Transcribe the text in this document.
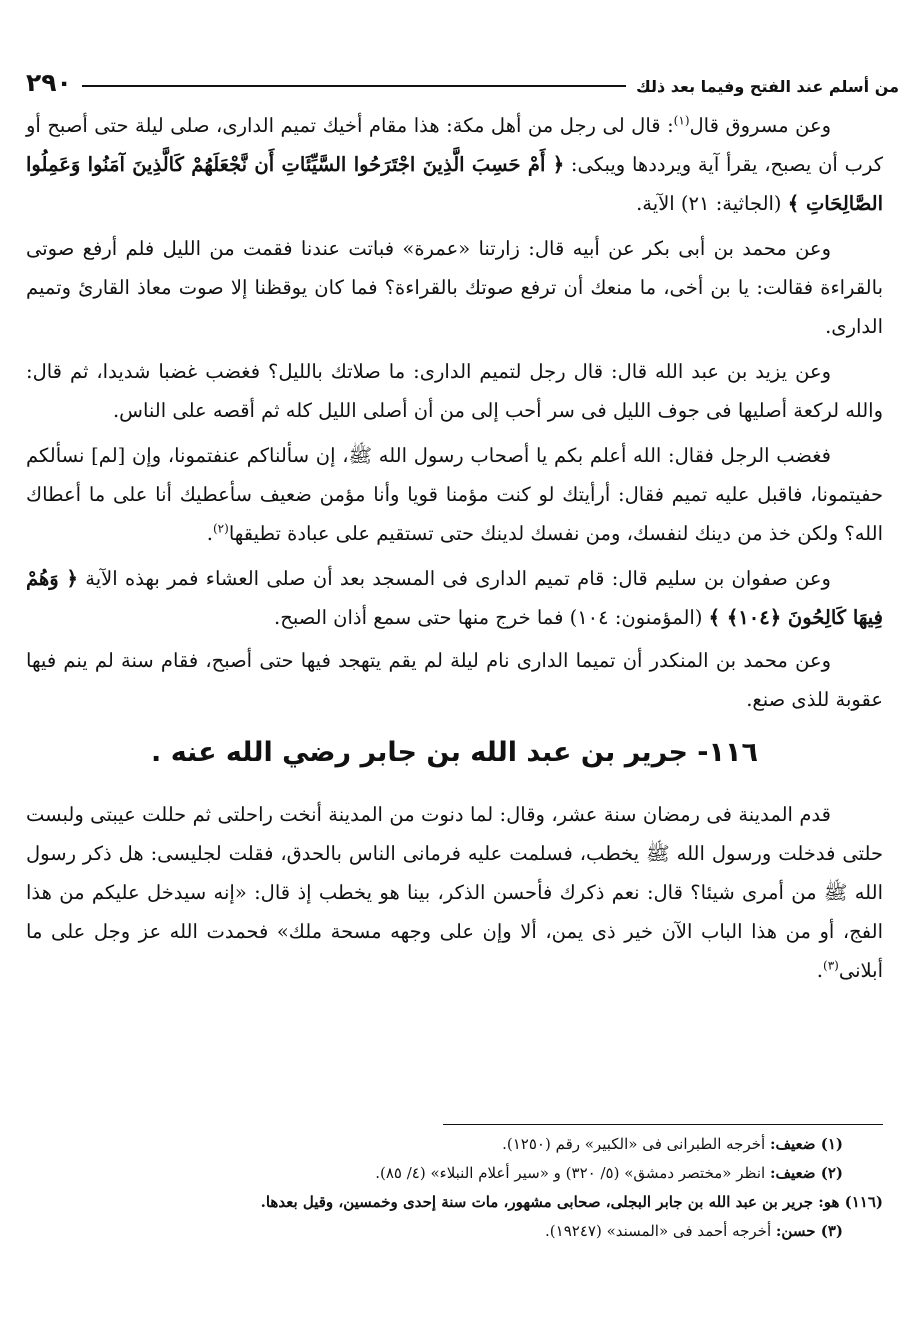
من أسلم عند الفتح وفيما بعد ذلك
٢٩٠

وعن مسروق قال$^{(١)}$: قال لى رجل من أهل مكة: هذا مقام أخيك تميم الدارى، صلى ليلة حتى أصبح أو كرب أن يصبح، يقرأ آية ويرددها ويبكى: ﴿ أَمْ حَسِبَ الَّذِينَ اجْتَرَحُوا السَّيِّئَاتِ أَن نَّجْعَلَهُمْ كَالَّذِينَ آمَنُوا وَعَمِلُوا الصَّالِحَاتِ ﴾ (الجاثية: ٢١) الآية.

وعن محمد بن أبى بكر عن أبيه قال: زارتنا «عمرة» فباتت عندنا فقمت من الليل فلم أرفع صوتى بالقراءة فقالت: يا بن أخى، ما منعك أن ترفع صوتك بالقراءة؟ فما كان يوقظنا إلا صوت معاذ القارئ وتميم الدارى.

وعن يزيد بن عبد الله قال: قال رجل لتميم الدارى: ما صلاتك بالليل؟ فغضب غضبا شديدا، ثم قال: والله لركعة أصليها فى جوف الليل فى سر أحب إلى من أن أصلى الليل كله ثم أقصه على الناس.

فغضب الرجل فقال: الله أعلم بكم يا أصحاب رسول الله ﷺ، إن سألناكم عنفتمونا، وإن [لم] نسألكم حفيتمونا، فاقبل عليه تميم فقال: أرأيتك لو كنت مؤمنا قويا وأنا مؤمن ضعيف سأعطيك أنا على ما أعطاك الله؟ ولكن خذ من دينك لنفسك، ومن نفسك لدينك حتى تستقيم على عبادة تطيقها$^{(٢)}$.

وعن صفوان بن سليم قال: قام تميم الدارى فى المسجد بعد أن صلى العشاء فمر بهذه الآية ﴿ وَهُمْ فِيهَا كَالِحُونَ ﴿١٠٤﴾ ﴾ (المؤمنون: ١٠٤) فما خرج منها حتى سمع أذان الصبح.

وعن محمد بن المنكدر أن تميما الدارى نام ليلة لم يقم يتهجد فيها حتى أصبح، فقام سنة لم ينم فيها عقوبة للذى صنع.

١١٦- جرير بن عبد الله بن جابر رضي الله عنه .

قدم المدينة فى رمضان سنة عشر، وقال: لما دنوت من المدينة أنخت راحلتى ثم حللت عيبتى ولبست حلتى فدخلت ورسول الله ﷺ يخطب، فسلمت عليه فرمانى الناس بالحدق، فقلت لجليسى: هل ذكر رسول الله ﷺ من أمرى شيئا؟ قال: نعم ذكرك فأحسن الذكر، بينا هو يخطب إذ قال: «إنه سيدخل عليكم من هذا الفج، أو من هذا الباب الآن خير ذى يمن، ألا وإن على وجهه مسحة ملك» فحمدت الله عز وجل على ما أبلانى$^{(٣)}$.

(١) ضعيف: أخرجه الطبرانى فى «الكبير» رقم (١٢٥٠).

(٢) ضعيف: انظر «مختصر دمشق» (٥/ ٣٢٠) و «سير أعلام النبلاء» (٤/ ٨٥).

(١١٦) هو: جرير بن عبد الله بن جابر البجلى، صحابى مشهور، مات سنة إحدى وخمسين، وقيل بعدها.

(٣) حسن: أخرجه أحمد فى «المسند» (١٩٢٤٧).
